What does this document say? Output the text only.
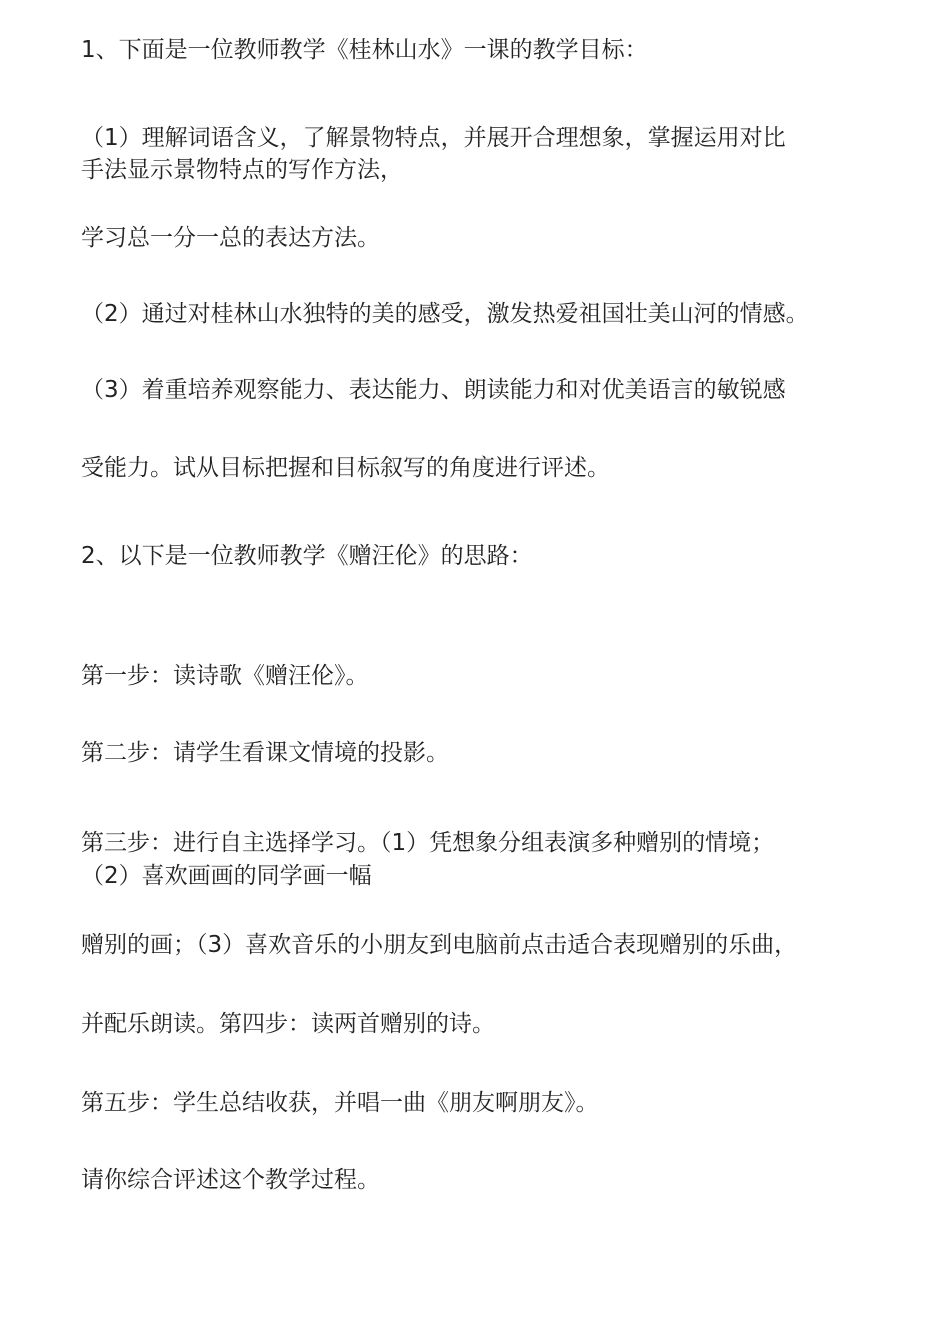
1、下面是一位教师教学《桂林山水》一课的教学目标：
（1）理解词语含义，了解景物特点，并展开合理想象，掌握运用对比
手法显示景物特点的写作方法，
学习总一分一总的表达方法。
（2）通过对桂林山水独特的美的感受，激发热爱祖国壮美山河的情感。
（3）着重培养观察能力、表达能力、朗读能力和对优美语言的敏锐感
受能力。试从目标把握和目标叙写的角度进行评述。
2、以下是一位教师教学《赠汪伦》的思路：
第一步：读诗歌《赠汪伦》。
第二步：请学生看课文情境的投影。
第三步：进行自主选择学习。（1）凭想象分组表演多种赠别的情境；
（2）喜欢画画的同学画一幅
赠别的画；（3）喜欢音乐的小朋友到电脑前点击适合表现赠别的乐曲，
并配乐朗读。第四步：读两首赠别的诗。
第五步：学生总结收获，并唱一曲《朋友啊朋友》。
请你综合评述这个教学过程。
